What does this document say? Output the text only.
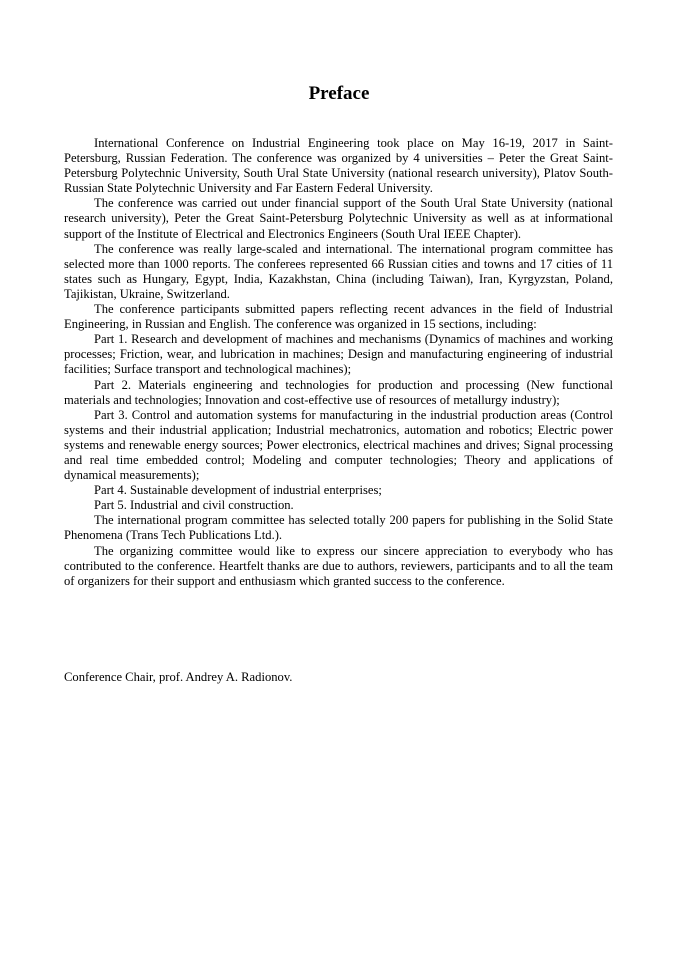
Preface

International Conference on Industrial Engineering took place on May 16-19, 2017 in Saint-Petersburg, Russian Federation. The conference was organized by 4 universities – Peter the Great Saint-Petersburg Polytechnic University, South Ural State University (national research university), Platov South-Russian State Polytechnic University and Far Eastern Federal University.

The conference was carried out under financial support of the South Ural State University (national research university), Peter the Great Saint-Petersburg Polytechnic University as well as at informational support of the Institute of Electrical and Electronics Engineers (South Ural IEEE Chapter).

The conference was really large-scaled and international. The international program committee has selected more than 1000 reports. The conferees represented 66 Russian cities and towns and 17 cities of 11 states such as Hungary, Egypt, India, Kazakhstan, China (including Taiwan), Iran, Kyrgyzstan, Poland, Tajikistan, Ukraine, Switzerland.

The conference participants submitted papers reflecting recent advances in the field of Industrial Engineering, in Russian and English. The conference was organized in 15 sections, including:

Part 1. Research and development of machines and mechanisms (Dynamics of machines and working processes; Friction, wear, and lubrication in machines; Design and manufacturing engineering of industrial facilities; Surface transport and technological machines);

Part 2. Materials engineering and technologies for production and processing (New functional materials and technologies; Innovation and cost-effective use of resources of metallurgy industry);

Part 3. Control and automation systems for manufacturing in the industrial production areas (Control systems and their industrial application; Industrial mechatronics, automation and robotics; Electric power systems and renewable energy sources; Power electronics, electrical machines and drives; Signal processing and real time embedded control; Modeling and computer technologies; Theory and applications of dynamical measurements);

Part 4. Sustainable development of industrial enterprises;

Part 5. Industrial and civil construction.

The international program committee has selected totally 200 papers for publishing in the Solid State Phenomena (Trans Tech Publications Ltd.).

The organizing committee would like to express our sincere appreciation to everybody who has contributed to the conference. Heartfelt thanks are due to authors, reviewers, participants and to all the team of organizers for their support and enthusiasm which granted success to the conference.

Conference Chair, prof. Andrey A. Radionov.
